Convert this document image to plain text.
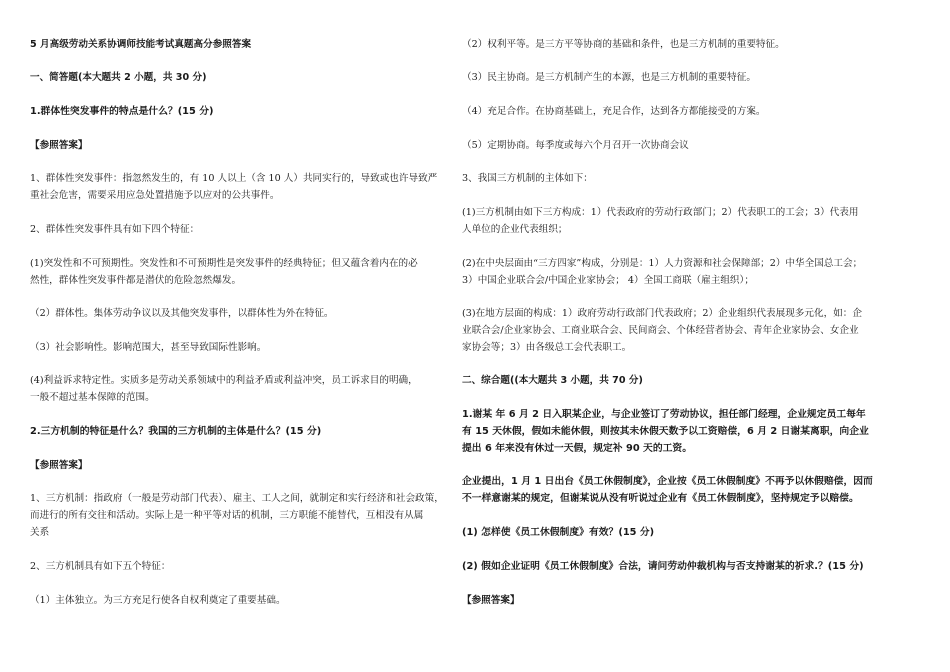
5 月高级劳动关系协调师技能考试真题高分参照答案
一、简答题(本大题共 2 小题，共 30 分)
1.群体性突发事件的特点是什么？(15 分)
【参照答案】
1、群体性突发事件：指忽然发生的，有 10 人以上（含 10 人）共同实行的，导致或也许导致严
重社会危害，需要采用应急处置措施予以应对的公共事件。
2、群体性突发事件具有如下四个特征：
(1)突发性和不可预期性。突发性和不可预期性是突发事件的经典特征；但又蕴含着内在的必
然性，群体性突发事件都是潜伏的危险忽然爆发。
（2）群体性。集体劳动争议以及其他突发事件，以群体性为外在特征。
（3）社会影响性。影响范围大，甚至导致国际性影响。
(4)利益诉求特定性。实质多是劳动关系领域中的利益矛盾或利益冲突，员工诉求目的明确，
一般不超过基本保障的范围。
2.三方机制的特征是什么？我国的三方机制的主体是什么？(15 分)
【参照答案】
1、三方机制：指政府（一般是劳动部门代表）、雇主、工人之间，就制定和实行经济和社会政策，
而进行的所有交往和活动。实际上是一种平等对话的机制，三方职能不能替代，互相没有从属
关系
2、三方机制具有如下五个特征：
（1）主体独立。为三方充足行使各自权利奠定了重要基础。
（2）权利平等。是三方平等协商的基础和条件，也是三方机制的重要特征。
（3）民主协商。是三方机制产生的本源，也是三方机制的重要特征。
（4）充足合作。在协商基础上，充足合作，达到各方都能接受的方案。
（5）定期协商。每季度或每六个月召开一次协商会议
3、我国三方机制的主体如下：
(1)三方机制由如下三方构成：1）代表政府的劳动行政部门；2）代表职工的工会；3）代表用
人单位的企业代表组织；
(2)在中央层面由“三方四家”构成，分别是：1）人力资源和社会保障部；2）中华全国总工会；
3）中国企业联合会/中国企业家协会； 4）全国工商联（雇主组织）；
(3)在地方层面的构成：1）政府劳动行政部门代表政府；2）企业组织代表展现多元化，如：企
业联合会/企业家协会、工商业联合会、民间商会、个体经营者协会、青年企业家协会、女企业
家协会等；3）由各级总工会代表职工。
二、综合题((本大题共 3 小题，共 70 分)
1.谢某 年 6 月 2 日入职某企业，与企业签订了劳动协议，担任部门经理，企业规定员工每年
有 15 天休假，假如未能休假，则按其未休假天数予以工资赔偿，6 月 2 日谢某离职，向企业
提出 6 年来没有休过一天假，规定补 90 天的工资。
企业提出，1 月 1 日出台《员工休假制度》，企业按《员工休假制度》不再予以休假赔偿，因而
不一样意谢某的规定，但谢某说从没有听说过企业有《员工休假制度》，坚持规定予以赔偿。
(1) 怎样使《员工休假制度》有效？(15 分)
(2) 假如企业证明《员工休假制度》合法，请问劳动仲裁机构与否支持谢某的祈求.？(15 分)
【参照答案】
